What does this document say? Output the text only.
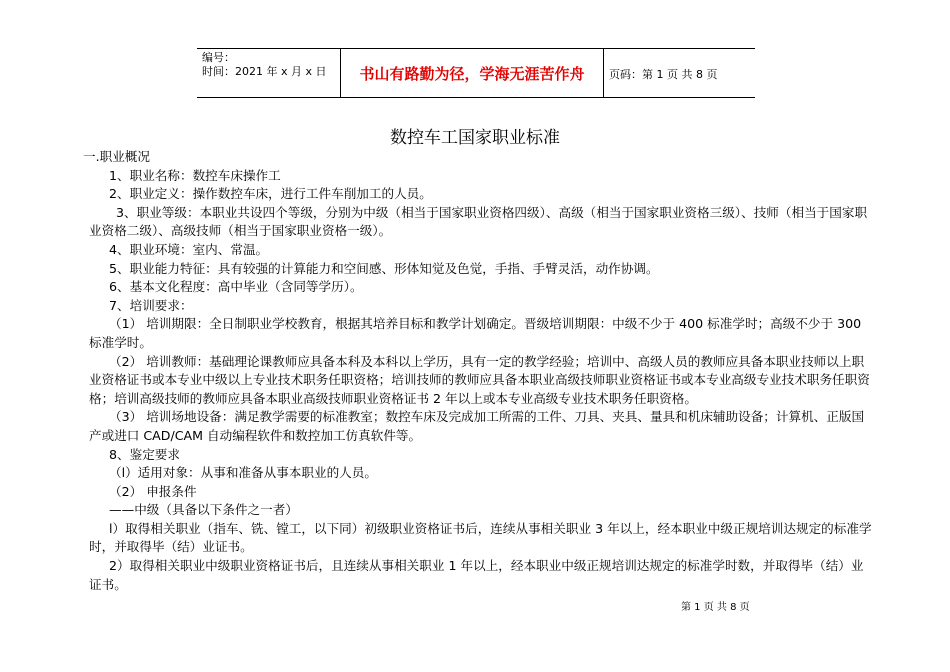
编号：
时间：2021 年 x 月 x 日	书山有路勤为径，学海无涯苦作舟	页码：第 1 页 共 8 页
数控车工国家职业标准

一.职业概况

1、职业名称：数控车床操作工

2、职业定义：操作数控车床，进行工件车削加工的人员。

3、职业等级：本职业共设四个等级，分别为中级（相当于国家职业资格四级）、高级（相当于国家职业资格三级）、技师（相当于国家职业资格二级）、高级技师（相当于国家职业资格一级）。

4、职业环境：室内、常温。

5、职业能力特征：具有较强的计算能力和空间感、形体知觉及色觉，手指、手臂灵活，动作协调。

6、基本文化程度：高中毕业（含同等学历）。

7、培训要求：

（1） 培训期限：全日制职业学校教育，根据其培养目标和教学计划确定。晋级培训期限：中级不少于 400 标准学时；高级不少于 300 标准学时。

（2） 培训教师：基础理论课教师应具备本科及本科以上学历，具有一定的教学经验；培训中、高级人员的教师应具备本职业技师以上职业资格证书或本专业中级以上专业技术职务任职资格；培训技师的教师应具备本职业高级技师职业资格证书或本专业高级专业技术职务任职资格；培训高级技师的教师应具备本职业高级技师职业资格证书 2 年以上或本专业高级专业技术职务任职资格。

（3） 培训场地设备：满足教学需要的标准教室；数控车床及完成加工所需的工件、刀具、夹具、量具和机床辅助设备；计算机、正版国产或进口 CAD/CAM 自动编程软件和数控加工仿真软件等。

8、鉴定要求

（l）适用对象：从事和准备从事本职业的人员。

（2） 申报条件

——中级（具备以下条件之一者）

l）取得相关职业（指车、铣、镗工，以下同）初级职业资格证书后，连续从事相关职业 3 年以上，经本职业中级正规培训达规定的标准学时，并取得毕（结）业证书。

2）取得相关职业中级职业资格证书后，且连续从事相关职业 1 年以上，经本职业中级正规培训达规定的标准学时数，并取得毕（结）业证书。

第 1 页 共 8 页
